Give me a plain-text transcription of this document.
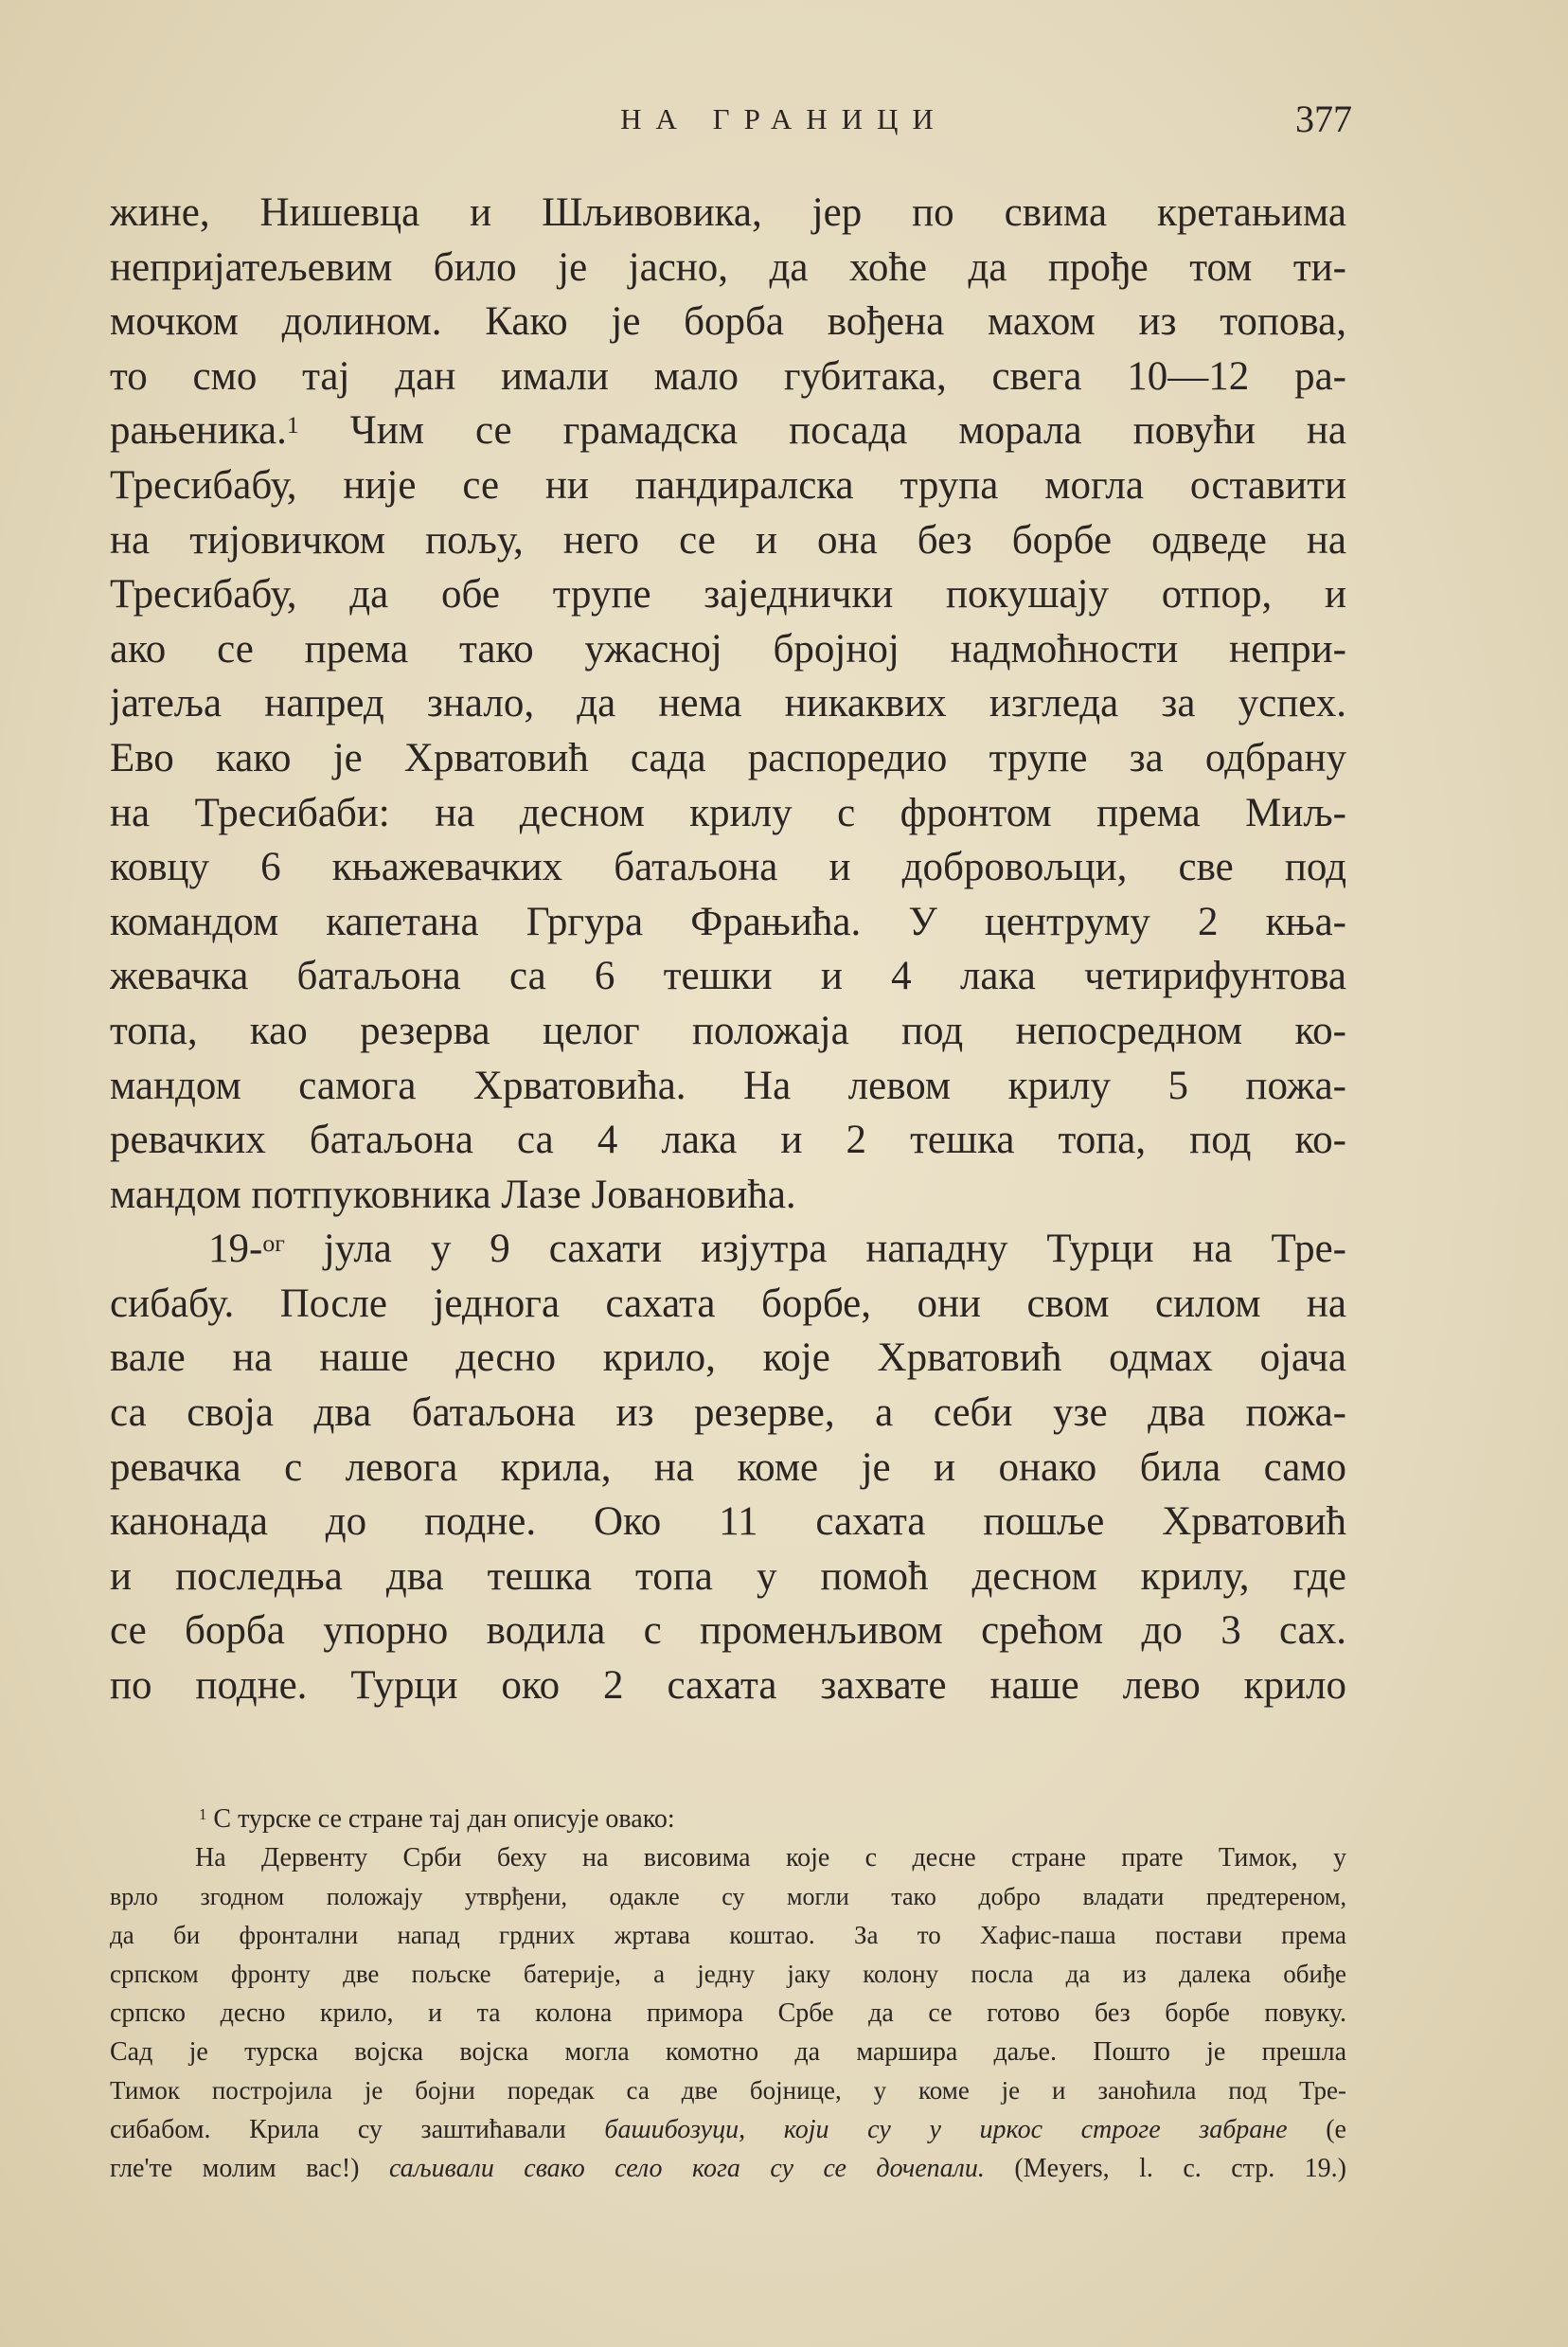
НА ГРАНИЦИ	377
жине, Нишевца и Шљивовика, јер по свима кретањима
непријатељевим било је јасно, да хоће да прође том ти-
мочком долином. Како је борба вођена махом из топова,
то смо тај дан имали мало губитака, свега 10—12 ра-
рањеника.$^1$ Чим се грамадска посада морала повући на
Тресибабу, није се ни пандиралска трупа могла оставити
на тијовичком пољу, него се и она без борбе одведе на
Тресибабу, да обе трупе заједнички покушају отпор, и
ако се према тако ужасној бројној надмоћности непри-
јатеља напред знало, да нема никаквих изгледа за успех.
Ево како је Хрватовић сада распоредио трупе за одбрану
на Тресибаби: на десном крилу с фронтом према Миљ-
ковцу 6 књажевачких батаљона и добровољци, све под
командом капетана Гргура Фрањића. У центруму 2 књa-
жевачка батаљона са 6 тешки и 4 лака четирифунтова
топа, као резерва целог положаја под непосредном ко-
мандом самога Хрватовића. На левом крилу 5 пожа-
ревачких батаљона са 4 лака и 2 тешка топа, под ко-
мандом потпуковника Лазе Јовановића.
19-$^{ог}$ јула у 9 сахати изјутра нападну Турци на Тре-
сибабу. После једнога сахата борбе, они свом силом на
вале на наше десно крило, које Хрватовић одмах ојача
са своја два батаљона из резерве, а себи узе два пожа-
ревачка с левога крила, на коме је и онако била само
канонада до подне. Око 11 сахата пошље Хрватовић
и последња два тешка топа у помоћ десном крилу, где
се борба упорно водила с променљивом срећом до 3 сах.
по подне. Турци око 2 сахата захвате наше лево крило
$^1$ С турске се стране тај дан описује овако:
На Дервенту Срби беху на висовима које с десне стране прате Тимок, у
врло згодном положају утврђени, одакле су могли тако добро владати предтереном,
да би фронтални напад грдних жртава коштао. За то Хафис-паша постави према
српском фронту две пољске батерије, а једну јаку колону посла да из далека обиђе
српско десно крило, и та колона примора Србе да се готово без борбе повуку.
Сад је турска војска војска могла комотно да маршира даље. Пошто је прешла
Тимок постројила је бојни поредак са две бојнице, у коме је и заноћила под Тре-
сибабом. Крила су заштићавали башибозуци, који су у иркос строге забране (е
гле'те молим вас!) саљивали свако село кога су се дочепали. (Meyers, l. c. стр. 19.)
